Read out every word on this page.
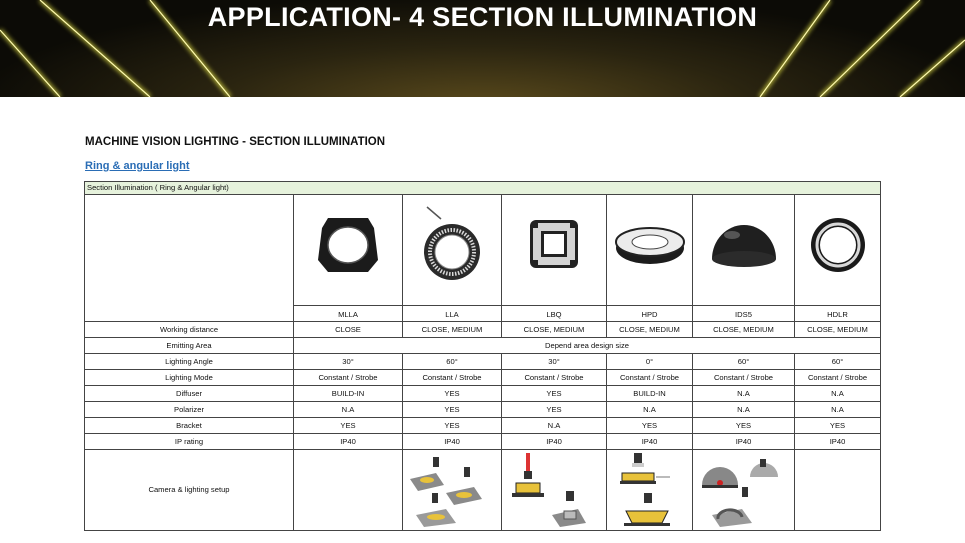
APPLICATION- 4 SECTION ILLUMINATION
MACHINE VISION LIGHTING - SECTION ILLUMINATION
Ring & angular light
Section Illumination ( Ring & Angular light)						

	MLLA	LLA	LBQ	HPD	IDS5	HDLR
Working distance	CLOSE	CLOSE, MEDIUM	CLOSE, MEDIUM	CLOSE, MEDIUM	CLOSE, MEDIUM	CLOSE, MEDIUM
Emitting Area	Depend area design size					
Lighting Angle	30°	60°	30°	0°	60°	60°
Lighting Mode	Constant / Strobe	Constant / Strobe	Constant / Strobe	Constant / Strobe	Constant / Strobe	Constant / Strobe
Diffuser	BUILD-IN	YES	YES	BUILD-IN	N.A	N.A
Polarizer	N.A	YES	YES	N.A	N.A	N.A
Bracket	YES	YES	N.A	YES	YES	YES
IP rating	IP40	IP40	IP40	IP40	IP40	IP40
Camera & lighting setup		
